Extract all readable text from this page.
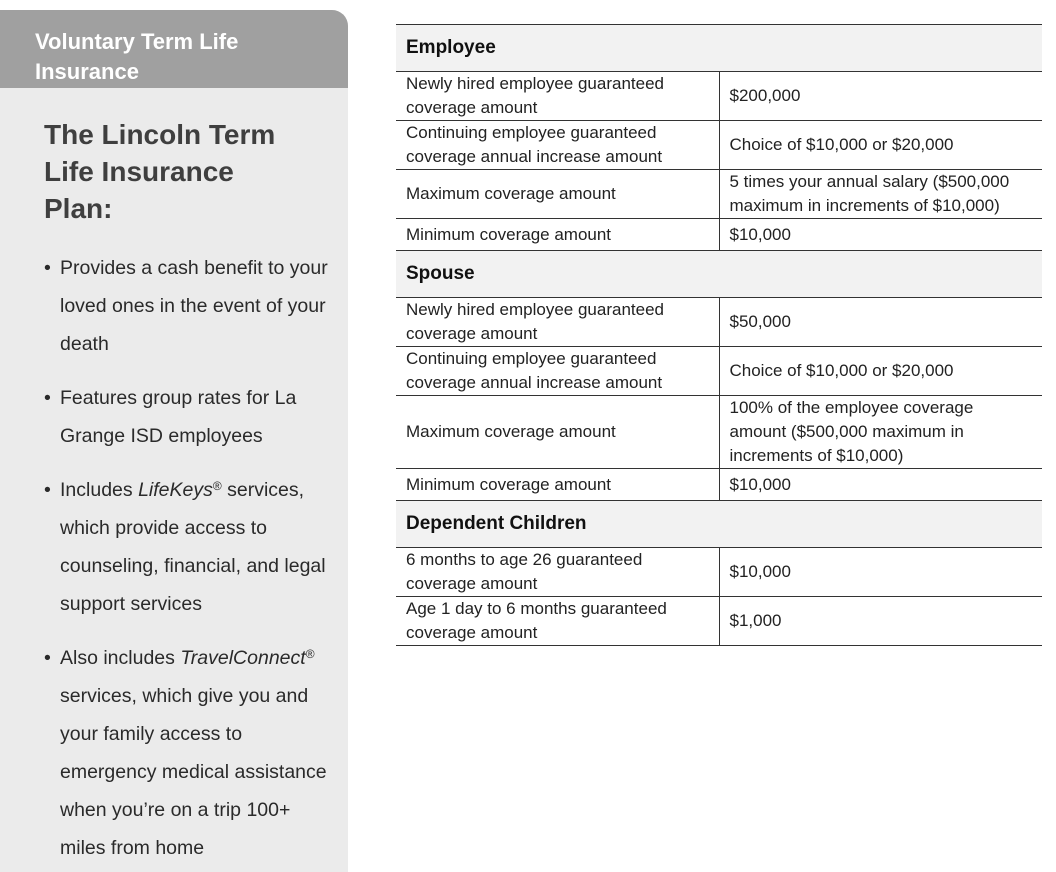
Voluntary Term Life Insurance
The Lincoln Term Life Insurance Plan:
• Provides a cash benefit to your loved ones in the event of your death
• Features group rates for La Grange ISD employees
• Includes LifeKeys® services, which provide access to counseling, financial, and legal support services
• Also includes TravelConnect® services, which give you and your family access to emergency medical assistance when you’re on a trip 100+ miles from home
Employee	
Newly hired employee guaranteed coverage amount	$200,000
Continuing employee guaranteed coverage annual increase amount	Choice of $10,000 or $20,000
Maximum coverage amount	5 times your annual salary ($500,000 maximum in increments of $10,000)
Minimum coverage amount	$10,000
Spouse	
Newly hired employee guaranteed coverage amount	$50,000
Continuing employee guaranteed coverage annual increase amount	Choice of $10,000 or $20,000
Maximum coverage amount	100% of the employee coverage amount ($500,000 maximum in increments of $10,000)
Minimum coverage amount	$10,000
Dependent Children	
6 months to age 26 guaranteed coverage amount	$10,000
Age 1 day to 6 months guaranteed coverage amount	$1,000
